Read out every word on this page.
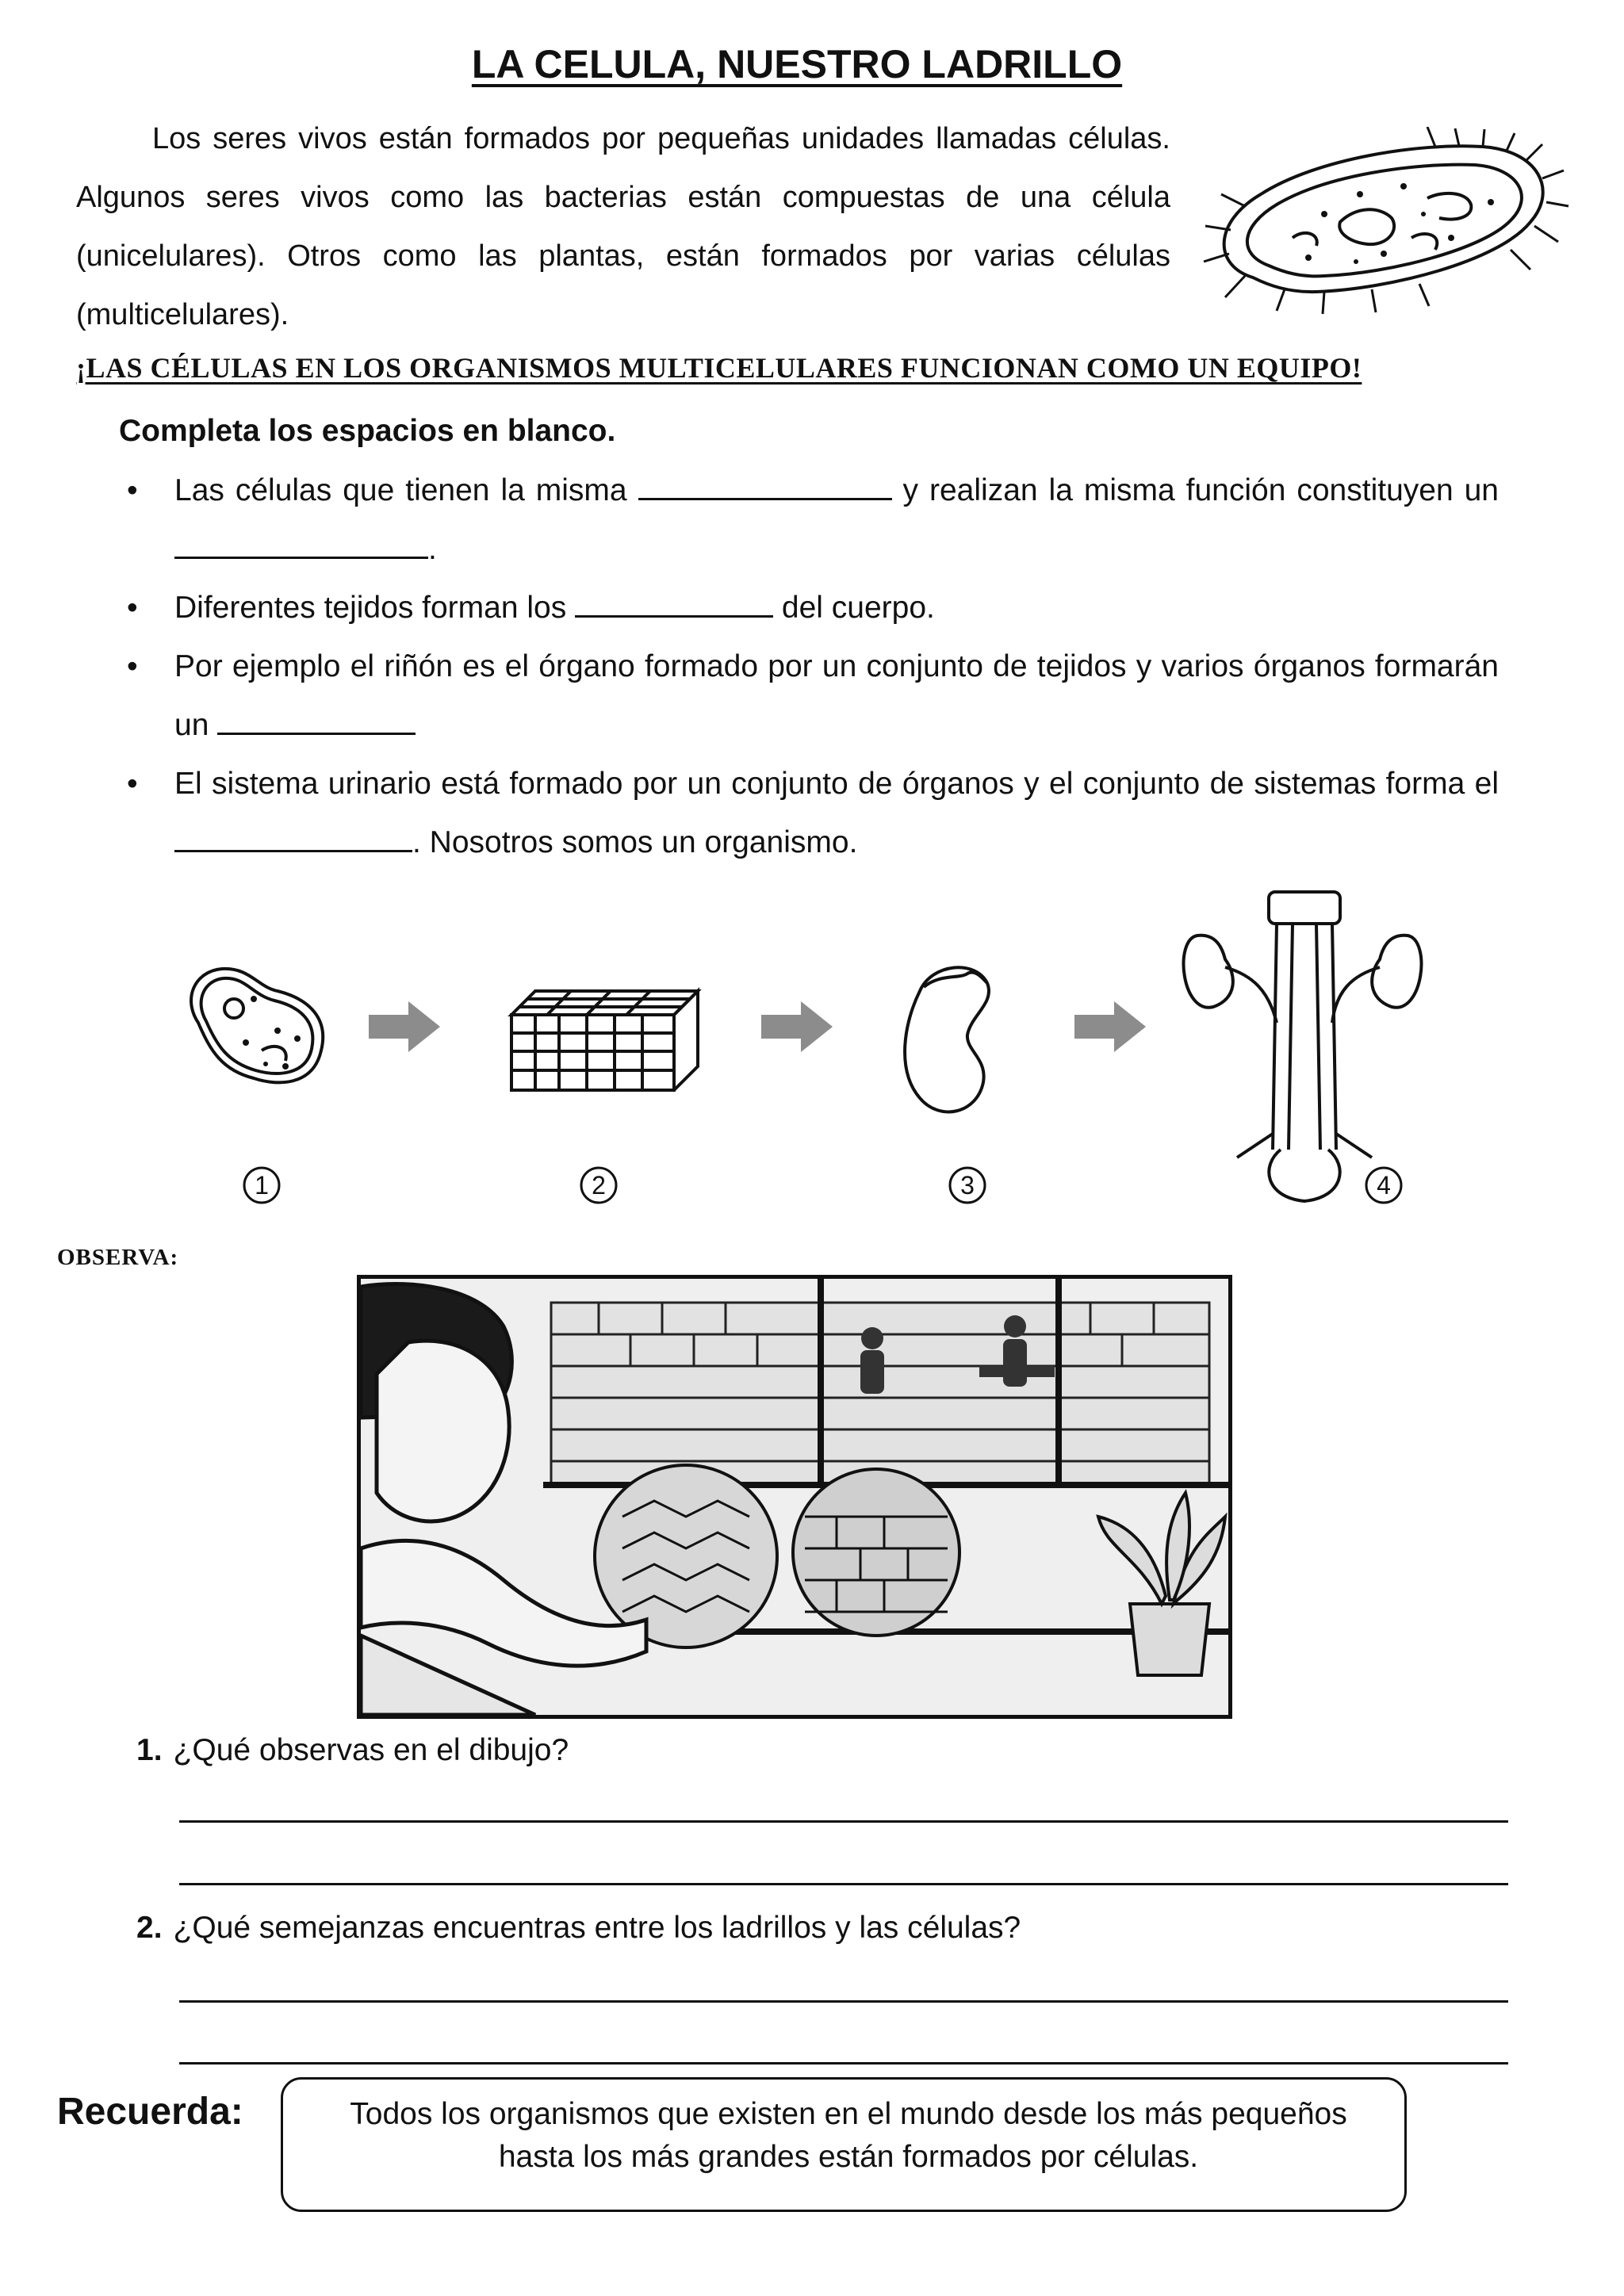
LA CELULA, NUESTRO LADRILLO
Los seres vivos están formados por pequeñas unidades llamadas células. Algunos seres vivos como las bacterias están compuestas de una célula (unicelulares). Otros como las plantas, están formados por varias células (multicelulares).
¡LAS CÉLULAS EN LOS ORGANISMOS MULTICELULARES FUNCIONAN COMO UN EQUIPO!
Completa los espacios en blanco.
• Las células que tienen la misma	y realizan la misma función constituyen un .
• Diferentes tejidos forman los	del cuerpo.
• Por ejemplo el riñón es el órgano formado por un conjunto de tejidos y varios órganos formarán un
• El sistema urinario está formado por un conjunto de órganos y el conjunto de sistemas forma el . Nosotros somos un organismo.
1	2	3	4
OBSERVA:
1. ¿Qué observas en el dibujo?
2. ¿Qué semejanzas encuentras entre los ladrillos y las células?
Recuerda:	Todos los organismos que existen en el mundo desde los más pequeños
hasta los más grandes están formados por células.
